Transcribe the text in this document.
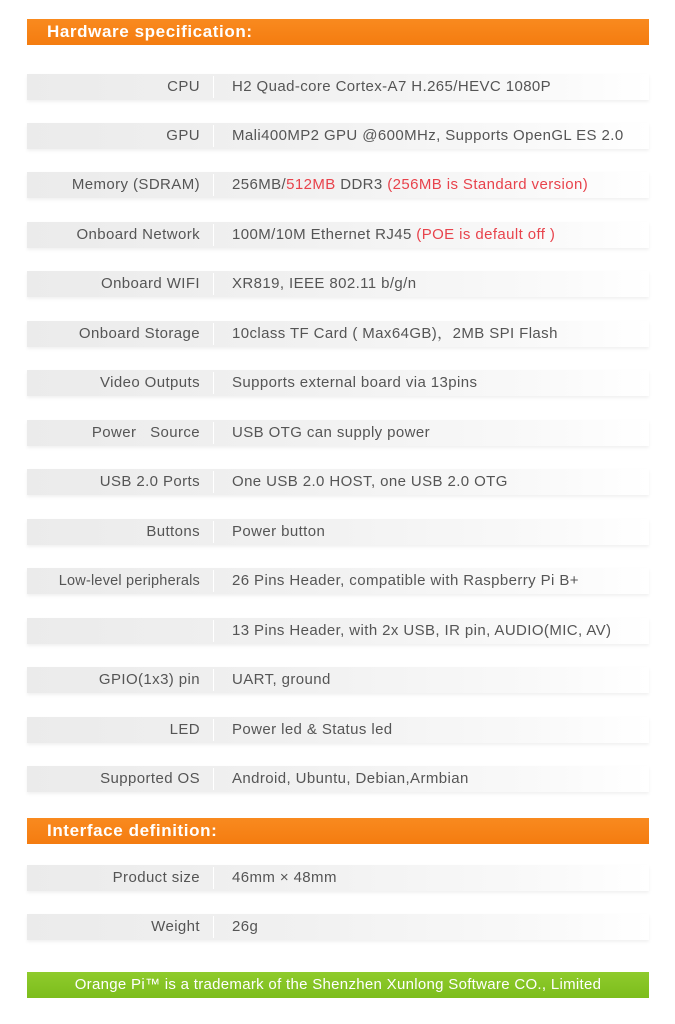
Hardware specification:
CPU H2 Quad-core Cortex-A7 H.265/HEVC 1080P
GPU Mali400MP2 GPU @600MHz, Supports OpenGL ES 2.0
Memory (SDRAM) 256MB/512MB DDR3 (256MB is Standard version)
Onboard Network 100M/10M Ethernet RJ45 (POE is default off )
Onboard WIFI XR819, IEEE 802.11 b/g/n
Onboard Storage 10class TF Card ( Max64GB)，2MB SPI Flash
Video Outputs Supports external board via 13pins
Power   Source USB OTG can supply power
USB 2.0 Ports One USB 2.0 HOST, one USB 2.0 OTG
Buttons Power button
Low-level peripherals 26 Pins Header, compatible with Raspberry Pi B+
13 Pins Header, with 2x USB, IR pin, AUDIO(MIC, AV)
GPIO(1x3) pin UART, ground
LED Power led & Status led
Supported OS Android, Ubuntu, Debian,Armbian
Interface definition:
Product size 46mm × 48mm
Weight 26g
Orange Pi™ is a trademark of the Shenzhen Xunlong Software CO., Limited
